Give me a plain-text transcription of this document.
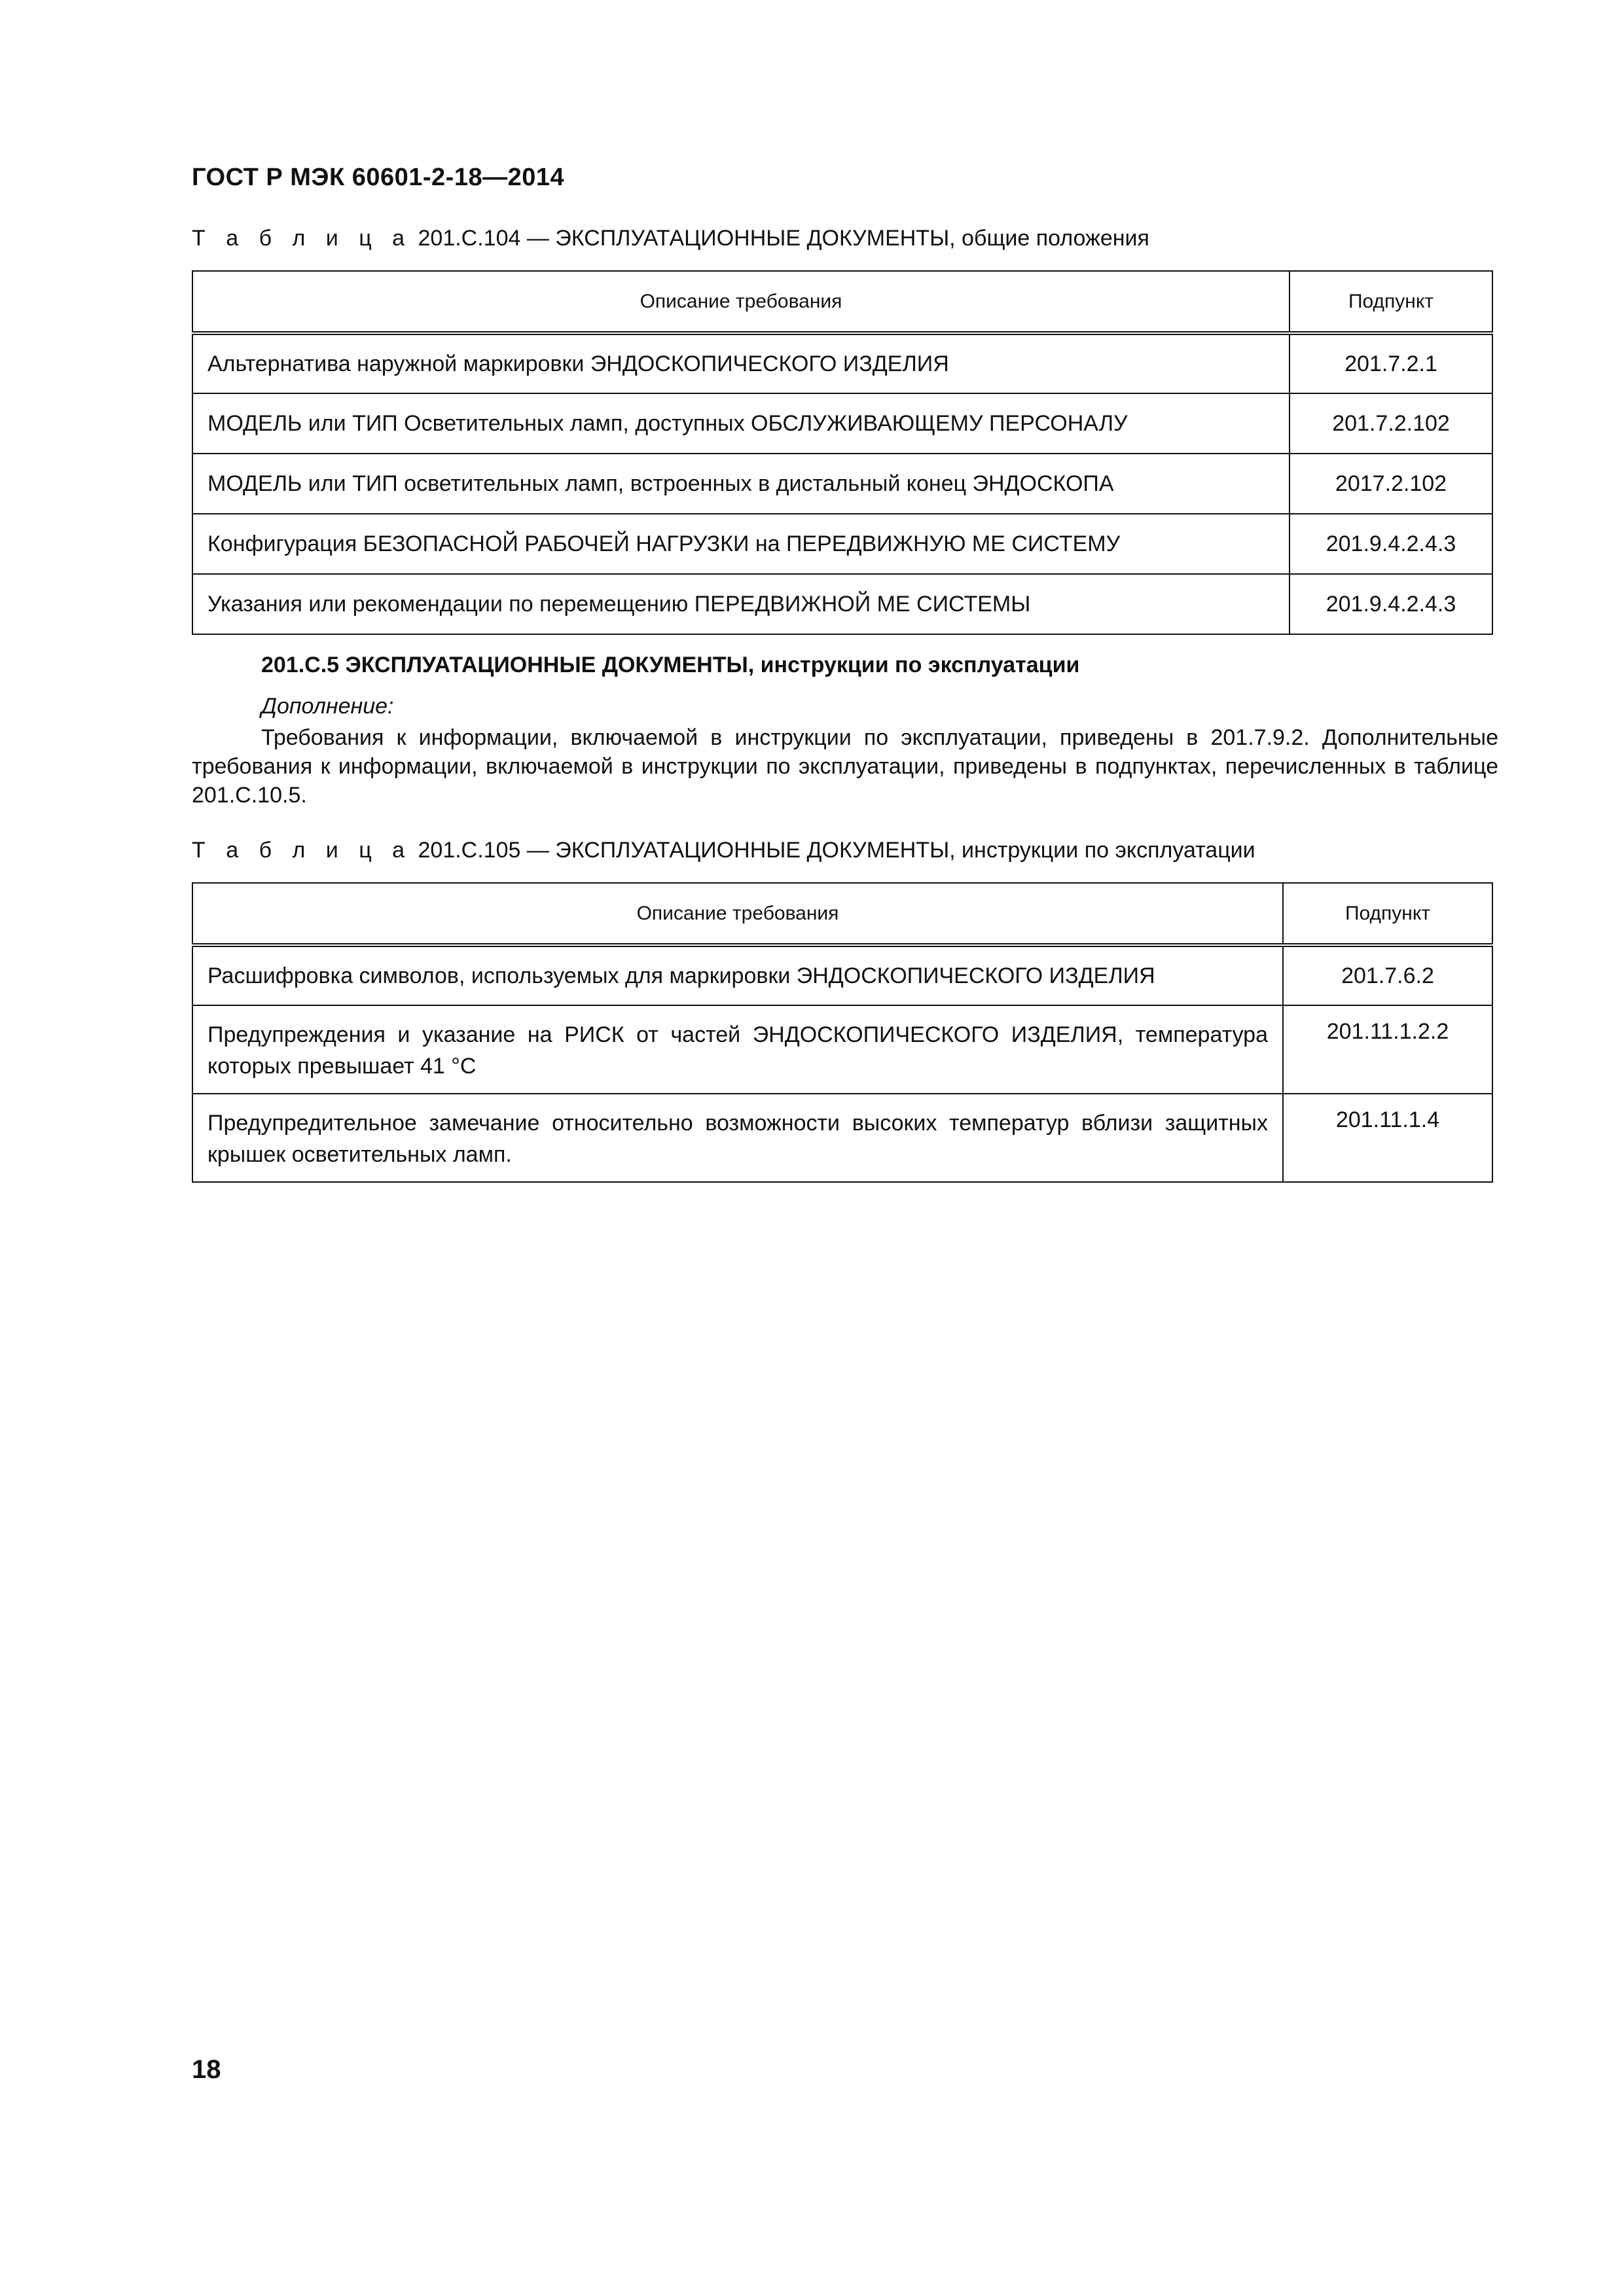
ГОСТ Р МЭК 60601-2-18—2014
Т а б л и ц а 201.C.104 — ЭКСПЛУАТАЦИОННЫЕ ДОКУМЕНТЫ, общие положения
Описание требования	Подпункт
Альтернатива наружной маркировки ЭНДОСКОПИЧЕСКОГО ИЗДЕЛИЯ	201.7.2.1
МОДЕЛЬ или ТИП Осветительных ламп, доступных ОБСЛУЖИВАЮЩЕМУ ПЕРСОНАЛУ	201.7.2.102
МОДЕЛЬ или ТИП осветительных ламп, встроенных в дистальный конец ЭНДОСКОПА	2017.2.102
Конфигурация БЕЗОПАСНОЙ РАБОЧЕЙ НАГРУЗКИ на ПЕРЕДВИЖНУЮ МЕ СИСТЕМУ	201.9.4.2.4.3
Указания или рекомендации по перемещению ПЕРЕДВИЖНОЙ МЕ СИСТЕМЫ	201.9.4.2.4.3
201.C.5 ЭКСПЛУАТАЦИОННЫЕ ДОКУМЕНТЫ, инструкции по эксплуатации
Дополнение:
Требования к информации, включаемой в инструкции по эксплуатации, приведены в 201.7.9.2. Дополнительные требования к информации, включаемой в инструкции по эксплуатации, приведены в подпунктах, перечисленных в таблице 201.C.10.5.
Т а б л и ц а 201.C.105 — ЭКСПЛУАТАЦИОННЫЕ ДОКУМЕНТЫ, инструкции по эксплуатации
Описание требования	Подпункт
Расшифровка символов, используемых для маркировки ЭНДОСКОПИЧЕСКОГО ИЗДЕЛИЯ	201.7.6.2
Предупреждения и указание на РИСК от частей ЭНДОСКОПИЧЕСКОГО ИЗДЕЛИЯ, температура которых превышает 41 °C	201.11.1.2.2
Предупредительное замечание относительно возможности высоких температур вблизи защитных крышек осветительных ламп.	201.11.1.4
18
